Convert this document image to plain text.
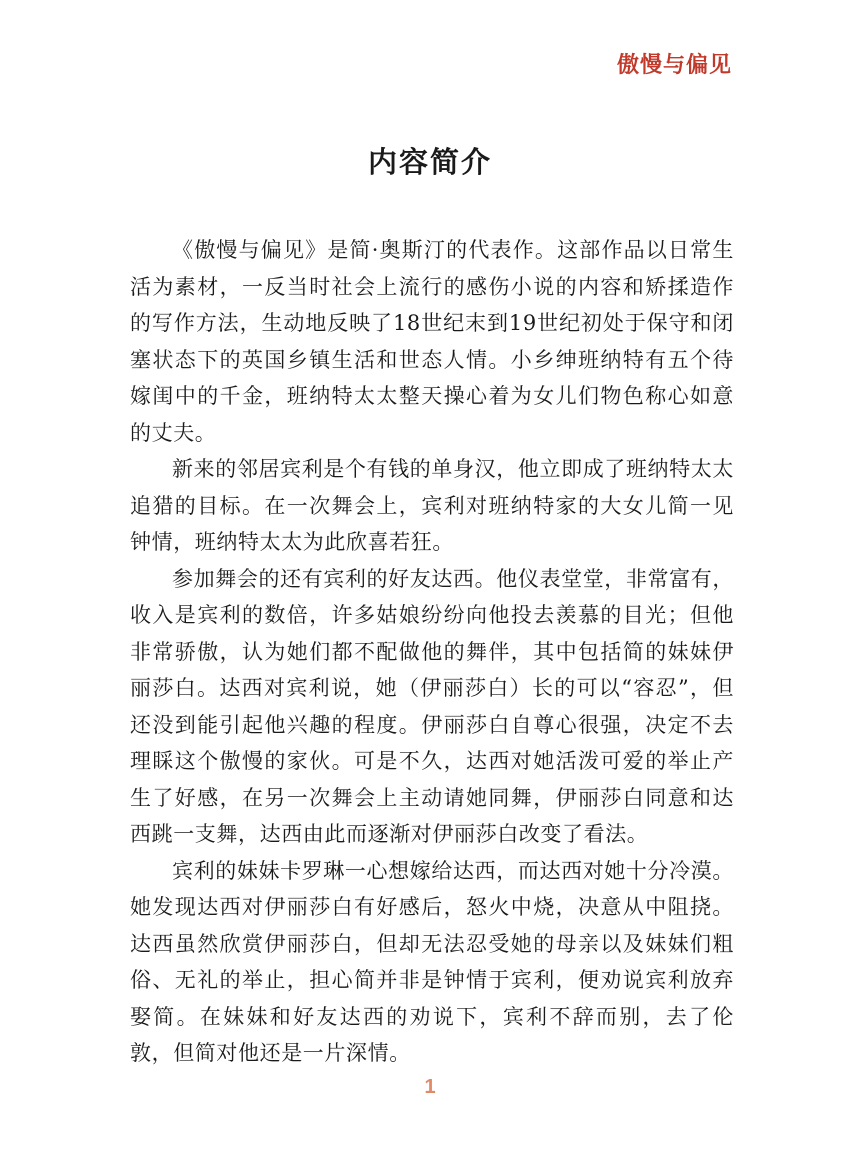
傲慢与偏见
内容简介

《傲慢与偏见》是简·奥斯汀的代表作。这部作品以日常生活为素材，一反当时社会上流行的感伤小说的内容和矫揉造作的写作方法，生动地反映了18世纪末到19世纪初处于保守和闭塞状态下的英国乡镇生活和世态人情。小乡绅班纳特有五个待嫁闺中的千金，班纳特太太整天操心着为女儿们物色称心如意的丈夫。

新来的邻居宾利是个有钱的单身汉，他立即成了班纳特太太追猎的目标。在一次舞会上，宾利对班纳特家的大女儿简一见钟情，班纳特太太为此欣喜若狂。

参加舞会的还有宾利的好友达西。他仪表堂堂，非常富有，收入是宾利的数倍，许多姑娘纷纷向他投去羡慕的目光；但他非常骄傲，认为她们都不配做他的舞伴，其中包括简的妹妹伊丽莎白。达西对宾利说，她（伊丽莎白）长的可以“容忍”，但还没到能引起他兴趣的程度。伊丽莎白自尊心很强，决定不去理睬这个傲慢的家伙。可是不久，达西对她活泼可爱的举止产生了好感，在另一次舞会上主动请她同舞，伊丽莎白同意和达西跳一支舞，达西由此而逐渐对伊丽莎白改变了看法。

宾利的妹妹卡罗琳一心想嫁给达西，而达西对她十分冷漠。她发现达西对伊丽莎白有好感后，怒火中烧，决意从中阻挠。达西虽然欣赏伊丽莎白，但却无法忍受她的母亲以及妹妹们粗俗、无礼的举止，担心简并非是钟情于宾利，便劝说宾利放弃娶简。在妹妹和好友达西的劝说下，宾利不辞而别，去了伦敦，但简对他还是一片深情。

1
